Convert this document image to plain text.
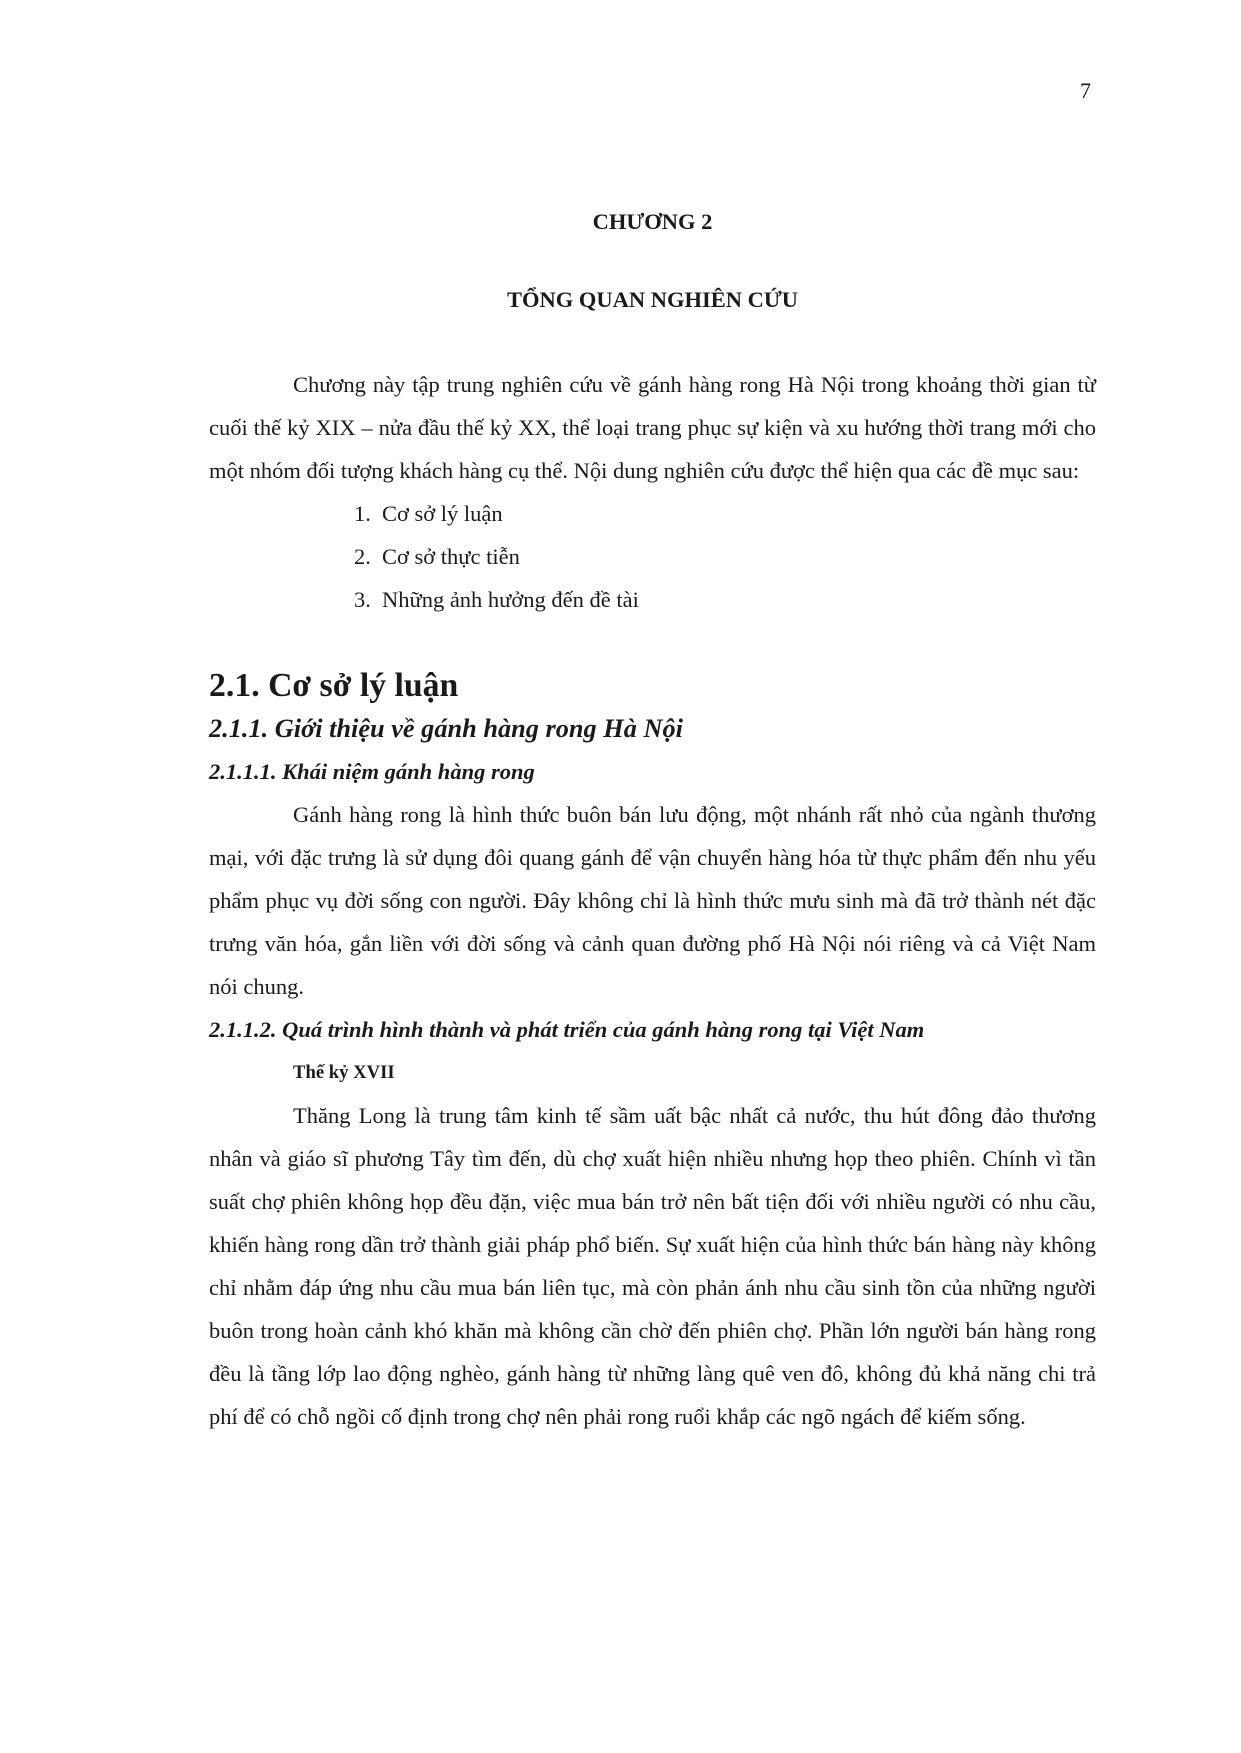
7
CHƯƠNG 2
TỔNG QUAN NGHIÊN CỨU

Chương này tập trung nghiên cứu về gánh hàng rong Hà Nội trong khoảng thời gian từ cuối thế kỷ XIX – nửa đầu thế kỷ XX, thể loại trang phục sự kiện và xu hướng thời trang mới cho một nhóm đối tượng khách hàng cụ thể. Nội dung nghiên cứu được thể hiện qua các đề mục sau:

1. Cơ sở lý luận
2. Cơ sở thực tiễn
3. Những ảnh hưởng đến đề tài
2.1. Cơ sở lý luận
2.1.1. Giới thiệu về gánh hàng rong Hà Nội
2.1.1.1. Khái niệm gánh hàng rong

Gánh hàng rong là hình thức buôn bán lưu động, một nhánh rất nhỏ của ngành thương mại, với đặc trưng là sử dụng đôi quang gánh để vận chuyển hàng hóa từ thực phẩm đến nhu yếu phẩm phục vụ đời sống con người. Đây không chỉ là hình thức mưu sinh mà đã trở thành nét đặc trưng văn hóa, gắn liền với đời sống và cảnh quan đường phố Hà Nội nói riêng và cả Việt Nam nói chung.

2.1.1.2. Quá trình hình thành và phát triển của gánh hàng rong tại Việt Nam
Thế kỷ XVII

Thăng Long là trung tâm kinh tế sầm uất bậc nhất cả nước, thu hút đông đảo thương nhân và giáo sĩ phương Tây tìm đến, dù chợ xuất hiện nhiều nhưng họp theo phiên. Chính vì tần suất chợ phiên không họp đều đặn, việc mua bán trở nên bất tiện đối với nhiều người có nhu cầu, khiến hàng rong dần trở thành giải pháp phổ biến. Sự xuất hiện của hình thức bán hàng này không chỉ nhằm đáp ứng nhu cầu mua bán liên tục, mà còn phản ánh nhu cầu sinh tồn của những người buôn trong hoàn cảnh khó khăn mà không cần chờ đến phiên chợ. Phần lớn người bán hàng rong đều là tầng lớp lao động nghèo, gánh hàng từ những làng quê ven đô, không đủ khả năng chi trả phí để có chỗ ngồi cố định trong chợ nên phải rong ruổi khắp các ngõ ngách để kiếm sống.
